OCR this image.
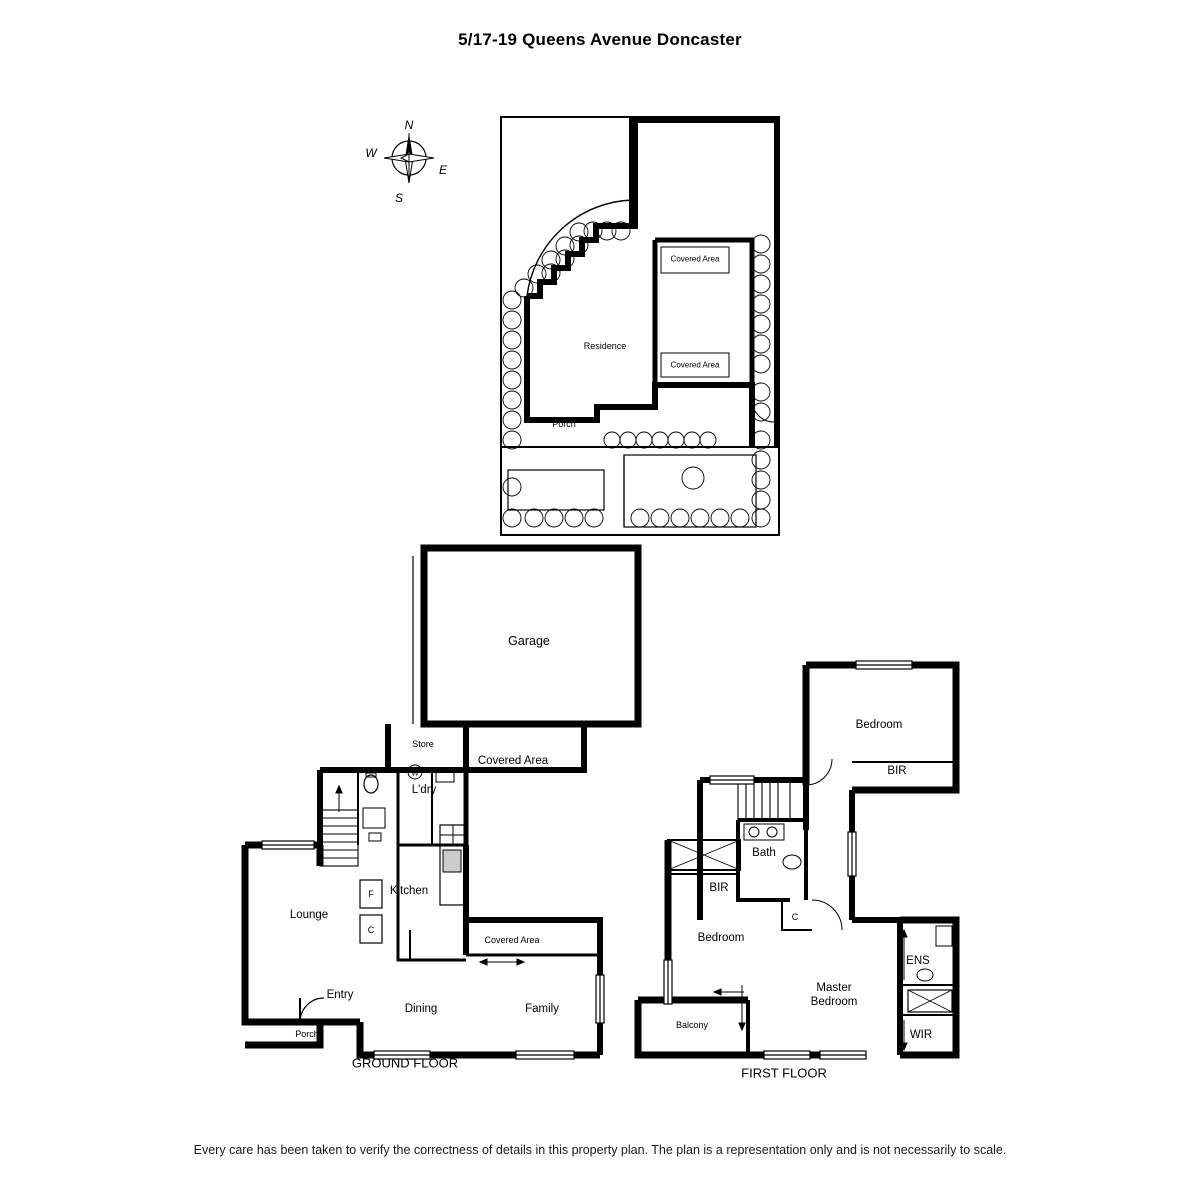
5/17-19 Queens Avenue Doncaster
W
Residence
Covered Area
Covered Area
Porch
N
E
S
W
Garage
Store
Covered Area
L'dry
Kitchen
F
C
Lounge
Covered Area
Entry
Dining	Family
Porch
GROUND FLOOR
Bedroom
BIR
Bath
BIR
C
Bedroom
ENS
Master
Bedroom
Balcony
WIR
FIRST FLOOR
Every care has been taken to verify the correctness of details in this property plan. The plan is a representation only and is not necessarily to scale.
